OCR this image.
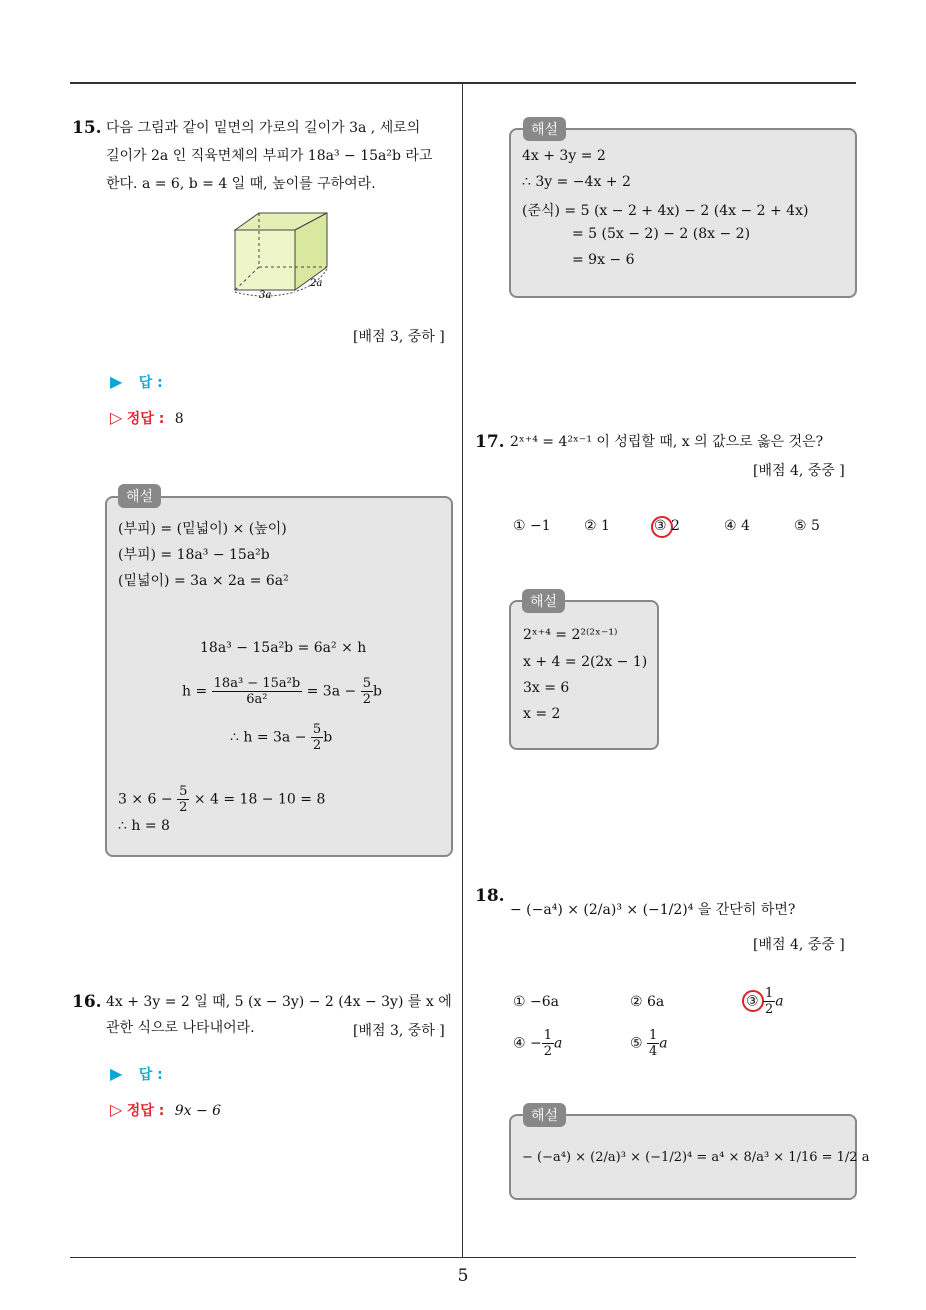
5
15. 다음 그림과 같이 밑면의 가로의 길이가 3a , 세로의
길이가 2a 인 직육면체의 부피가 18a³ − 15a²b 라고
한다. a = 6, b = 4 일 때, 높이를 구하여라.
3a
2a
[배점 3, 중하 ]
▶ 답 :
▷ 정답 : 8
해설
(부피) = (밑넓이) × (높이)
(부피) = 18a³ − 15a²b
(밑넓이) = 3a × 2a = 6a²
18a³ − 15a²b = 6a² × h
$h = \frac{\text{18a³ − 15a²b}}{\text{6a²}} = 3a - \frac{5}{2}$ b
∴ $h = 3a - \frac{5}{2}$ b
$3 \times 6 - \frac{5}{2} \times 4 = 18 - 10 = 8$
∴ h = 8
16. 4x + 3y = 2 일 때, 5 (x − 3y) − 2 (4x − 3y) 를 x 에
관한 식으로 나타내어라.	[배점 3, 중하 ]
▶ 답 :
▷ 정답 : 9x − 6
해설
4x + 3y = 2
∴ 3y = −4x + 2
(준식) = 5 (x − 2 + 4x) − 2 (4x − 2 + 4x)
= 5 (5x − 2) − 2 (8x − 2)
= 9x − 6
17. 2ˣ⁺⁴ = 4²ˣ⁻¹ 이 성립할 때, x 의 값으로 옳은 것은?
[배점 4, 중중 ]
① −1 ② 1	③ 2	④ 4	⑤ 5
해설
2ˣ⁺⁴ = 2²⁽²ˣ⁻¹⁾
x + 4 = 2(2x − 1)
3x = 6
x = 2
18.
− (−a⁴) × (2/a)³ × (−1/2)⁴ 을 간단히 하면?
[배점 4, 중중 ]
① −6a	② 6a	③ $\frac{1}{2}$ a
④ − $\frac{1}{2}$ a	⑤ $\frac{1}{4}$ a
해설
− (−a⁴) × (2/a)³ × (−1/2)⁴ = a⁴ × 8/a³ × 1/16 = 1/2 a
